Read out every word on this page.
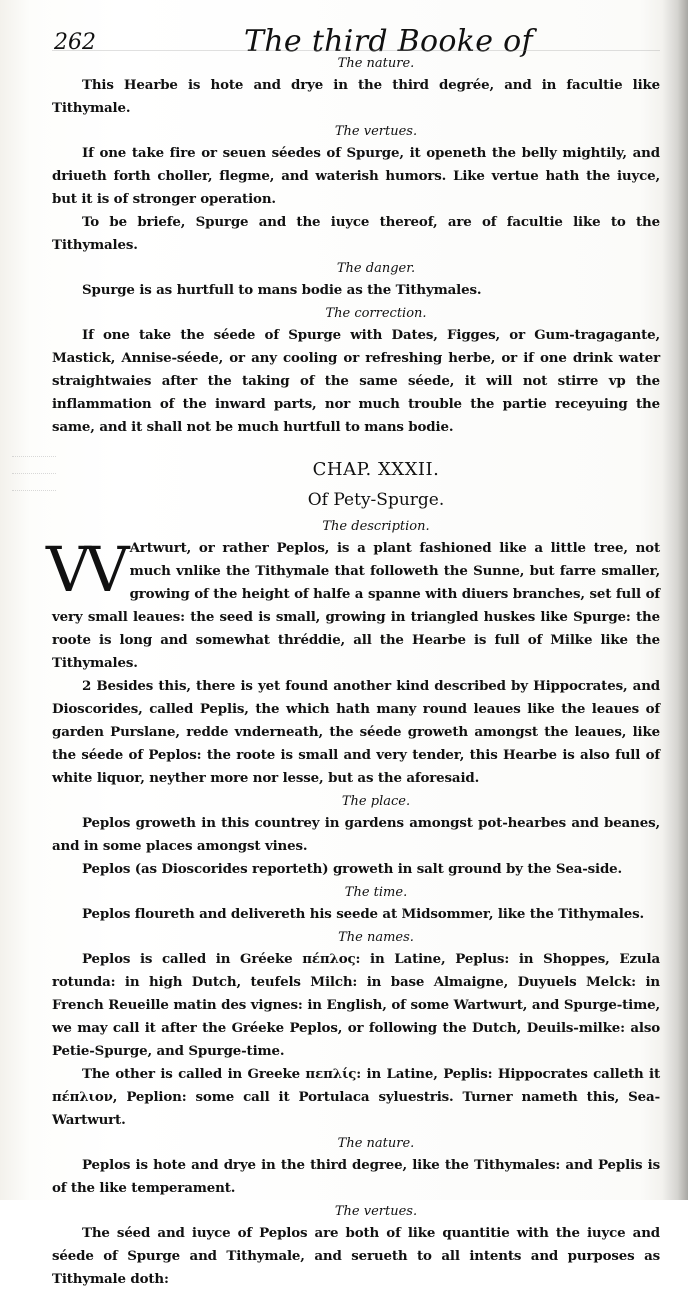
262	The third Booke of
The nature.

This Hearbe is hote and drye in the third degrée, and in facultie like Tithymale.

The vertues.

If one take fire or seuen séedes of Spurge, it openeth the belly mightily, and driueth forth choller, flegme, and waterish humors. Like vertue hath the iuyce, but it is of stronger operation.

To be briefe, Spurge and the iuyce thereof, are of facultie like to the Tithymales.

The danger.

Spurge is as hurtfull to mans bodie as the Tithymales.

The correction.

If one take the séede of Spurge with Dates, Figges, or Gum-tragagante, Mastick, Annise-séede, or any cooling or refreshing herbe, or if one drink water straightwaies after the taking of the same séede, it will not stirre vp the inflammation of the inward parts, nor much trouble the partie receyuing the same, and it shall not be much hurtfull to mans bodie.

CHAP. XXXII.
Of Pety-Spurge.
The description.
VV Artwurt, or rather Peplos, is a plant fashioned like a little tree, not much vnlike the Tithymale that followeth the Sunne, but farre smaller, growing of the height of halfe a spanne with diuers branches, set full of very small leaues: the seed is small, growing in triangled huskes like Spurge: the roote is long and somewhat thréddie, all the Hearbe is full of Milke like the Tithymales.

2 Besides this, there is yet found another kind described by Hippocrates, and Dioscorides, called Peplis, the which hath many round leaues like the leaues of garden Purslane, redde vnderneath, the séede groweth amongst the leaues, like the séede of Peplos: the roote is small and very tender, this Hearbe is also full of white liquor, neyther more nor lesse, but as the aforesaid.

The place.

Peplos groweth in this countrey in gardens amongst pot-hearbes and beanes, and in some places amongst vines.

Peplos (as Dioscorides reporteth) groweth in salt ground by the Sea-side.

The time.

Peplos floureth and delivereth his seede at Midsommer, like the Tithymales.

The names.

Peplos is called in Gréeke πέπλος: in Latine, Peplus: in Shoppes, Ezula rotunda: in high Dutch, teufels Milch: in base Almaigne, Duyuels Melck: in French Reueille matin des vignes: in English, of some Wartwurt, and Spurge-time, we may call it after the Gréeke Peplos, or following the Dutch, Deuils-milke: also Petie-Spurge, and Spurge-time.

The other is called in Greeke πεπλίς: in Latine, Peplis: Hippocrates calleth it πέπλιον, Peplion: some call it Portulaca syluestris. Turner nameth this, Sea-Wartwurt.

The nature.

Peplos is hote and drye in the third degree, like the Tithymales: and Peplis is of the like temperament.

The vertues.

The séed and iuyce of Peplos are both of like quantitie with the iuyce and séede of Spurge and Tithymale, and serueth to all intents and purposes as Tithymale doth:
